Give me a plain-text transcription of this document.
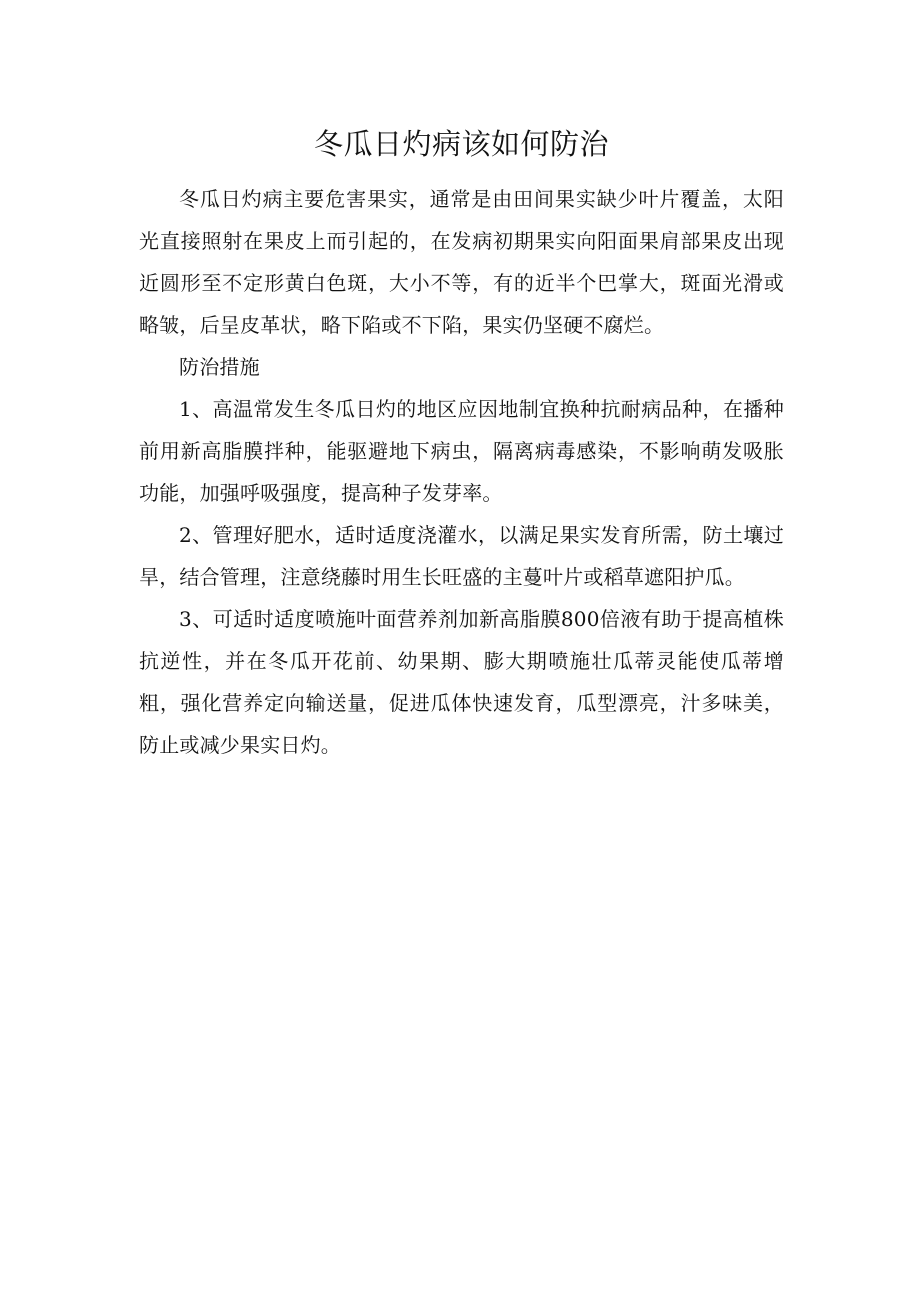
冬瓜日灼病该如何防治

冬瓜日灼病主要危害果实，通常是由田间果实缺少叶片覆盖，太阳光直接照射在果皮上而引起的，在发病初期果实向阳面果肩部果皮出现近圆形至不定形黄白色斑，大小不等，有的近半个巴掌大，斑面光滑或略皱，后呈皮革状，略下陷或不下陷，果实仍坚硬不腐烂。

防治措施

1、高温常发生冬瓜日灼的地区应因地制宜换种抗耐病品种，在播种前用新高脂膜拌种，能驱避地下病虫，隔离病毒感染，不影响萌发吸胀功能，加强呼吸强度，提高种子发芽率。

2、管理好肥水，适时适度浇灌水，以满足果实发育所需，防土壤过旱，结合管理，注意绕藤时用生长旺盛的主蔓叶片或稻草遮阳护瓜。

3、可适时适度喷施叶面营养剂加新高脂膜800倍液有助于提高植株抗逆性，并在冬瓜开花前、幼果期、膨大期喷施壮瓜蒂灵能使瓜蒂增粗，强化营养定向输送量，促进瓜体快速发育，瓜型漂亮，汁多味美，防止或减少果实日灼。
